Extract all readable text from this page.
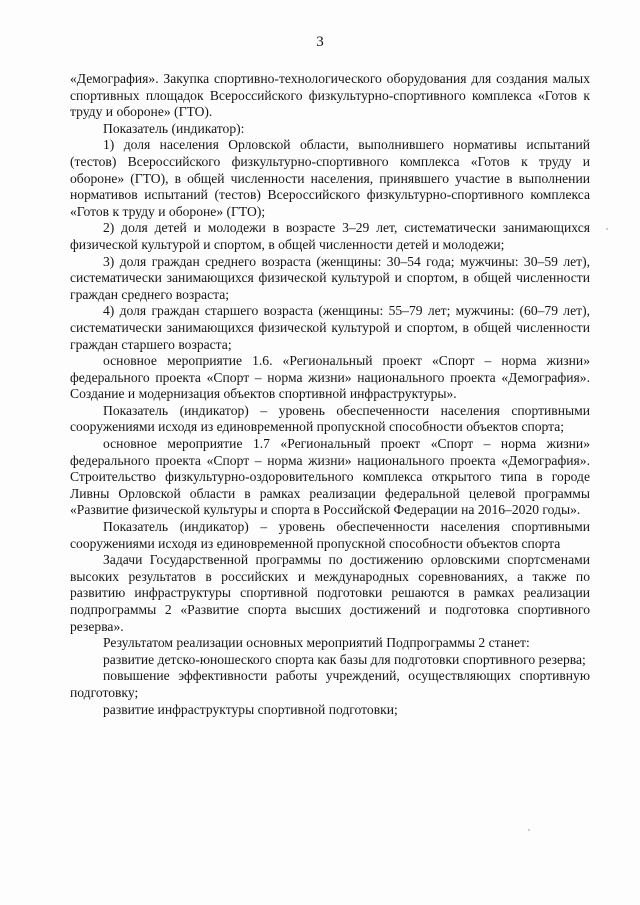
3

«Демография». Закупка спортивно-технологического оборудования для создания малых спортивных площадок Всероссийского физкультурно-спортивного комплекса «Готов к труду и обороне» (ГТО).

Показатель (индикатор):

1) доля населения Орловской области, выполнившего нормативы испытаний (тестов) Всероссийского физкультурно-спортивного комплекса «Готов к труду и обороне» (ГТО), в общей численности населения, принявшего участие в выполнении нормативов испытаний (тестов) Всероссийского физкультурно-спортивного комплекса «Готов к труду и обороне» (ГТО);

2) доля детей и молодежи в возрасте 3–29 лет, систематически занимающихся физической культурой и спортом, в общей численности детей и молодежи;

3) доля граждан среднего возраста (женщины: 30–54 года; мужчины: 30–59 лет), систематически занимающихся физической культурой и спортом, в общей численности граждан среднего возраста;

4) доля граждан старшего возраста (женщины: 55–79 лет; мужчины: (60–79 лет), систематически занимающихся физической культурой и спортом, в общей численности граждан старшего возраста;

основное мероприятие 1.6. «Региональный проект «Спорт – норма жизни» федерального проекта «Спорт – норма жизни» национального проекта «Демография». Создание и модернизация объектов спортивной инфраструктуры».

Показатель (индикатор) – уровень обеспеченности населения спортивными сооружениями исходя из единовременной пропускной способности объектов спорта;

основное мероприятие 1.7 «Региональный проект «Спорт – норма жизни» федерального проекта «Спорт – норма жизни» национального проекта «Демография». Строительство физкультурно-оздоровительного комплекса открытого типа в городе Ливны Орловской области в рамках реализации федеральной целевой программы «Развитие физической культуры и спорта в Российской Федерации на 2016–2020 годы».

Показатель (индикатор) – уровень обеспеченности населения спортивными сооружениями исходя из единовременной пропускной способности объектов спорта

Задачи Государственной программы по достижению орловскими спортсменами высоких результатов в российских и международных соревнованиях, а также по развитию инфраструктуры спортивной подготовки решаются в рамках реализации подпрограммы 2 «Развитие спорта высших достижений и подготовка спортивного резерва».

Результатом реализации основных мероприятий Подпрограммы 2 станет:

развитие детско-юношеского спорта как базы для подготовки спортивного резерва;

повышение эффективности работы учреждений, осуществляющих спортивную подготовку;

развитие инфраструктуры спортивной подготовки;
